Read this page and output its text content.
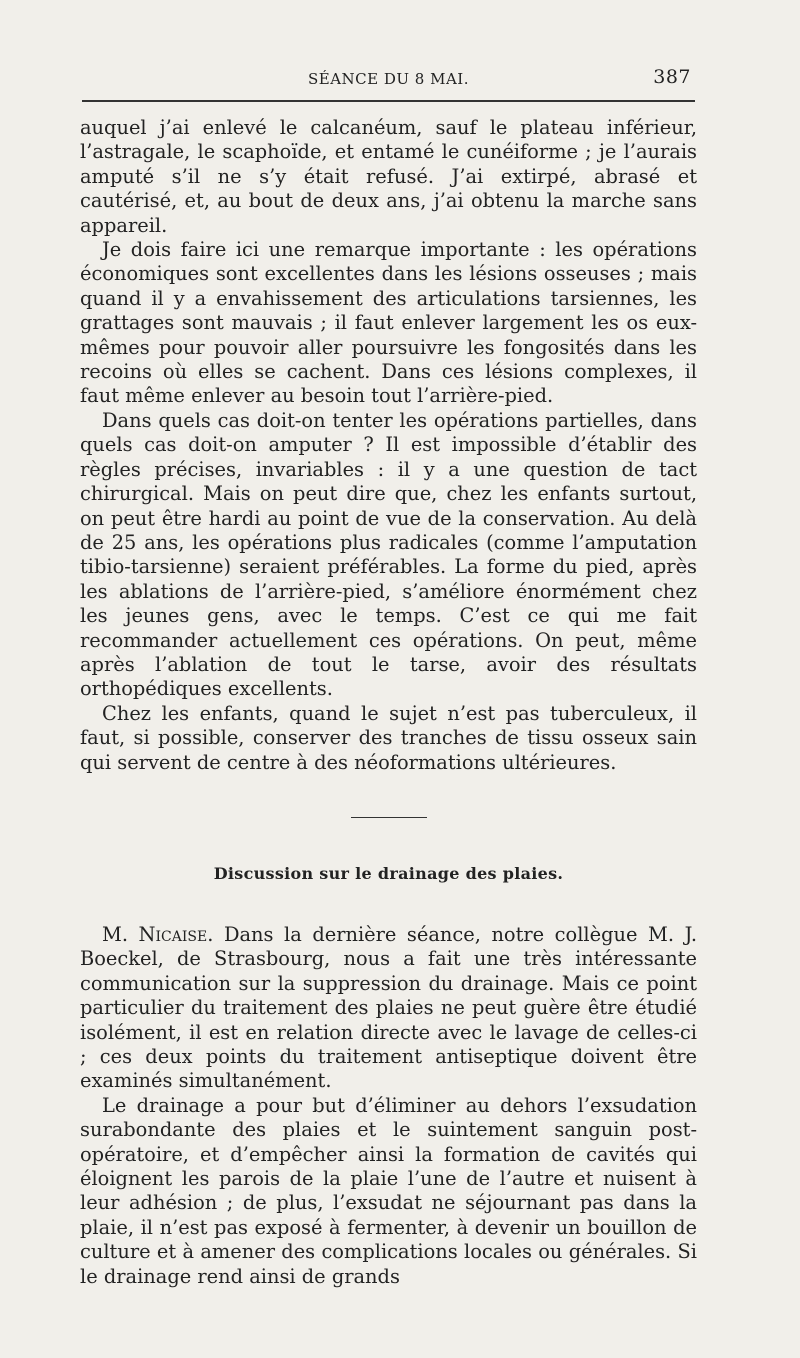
SÉANCE DU 8 MAI.	387

auquel j’ai enlevé le calcanéum, sauf le plateau inférieur, l’astragale, le scaphoïde, et entamé le cunéiforme ; je l’aurais amputé s’il ne s’y était refusé. J’ai extirpé, abrasé et cautérisé, et, au bout de deux ans, j’ai obtenu la marche sans appareil.

Je dois faire ici une remarque importante : les opérations économiques sont excellentes dans les lésions osseuses ; mais quand il y a envahissement des articulations tarsiennes, les grattages sont mauvais ; il faut enlever largement les os eux-mêmes pour pouvoir aller poursuivre les fongosités dans les recoins où elles se cachent. Dans ces lésions complexes, il faut même enlever au besoin tout l’arrière-pied.

Dans quels cas doit-on tenter les opérations partielles, dans quels cas doit-on amputer ? Il est impossible d’établir des règles précises, invariables : il y a une question de tact chirurgical. Mais on peut dire que, chez les enfants surtout, on peut être hardi au point de vue de la conservation. Au delà de 25 ans, les opérations plus radicales (comme l’amputation tibio-tarsienne) seraient préférables. La forme du pied, après les ablations de l’arrière-pied, s’améliore énormément chez les jeunes gens, avec le temps. C’est ce qui me fait recommander actuellement ces opérations. On peut, même après l’ablation de tout le tarse, avoir des résultats orthopédiques excellents.

Chez les enfants, quand le sujet n’est pas tuberculeux, il faut, si possible, conserver des tranches de tissu osseux sain qui servent de centre à des néoformations ultérieures.

Discussion sur le drainage des plaies.

M. Nicaise. Dans la dernière séance, notre collègue M. J. Boeckel, de Strasbourg, nous a fait une très intéressante communication sur la suppression du drainage. Mais ce point particulier du traitement des plaies ne peut guère être étudié isolément, il est en relation directe avec le lavage de celles-ci ; ces deux points du traitement antiseptique doivent être examinés simultanément.

Le drainage a pour but d’éliminer au dehors l’exsudation surabondante des plaies et le suintement sanguin post-opératoire, et d’empêcher ainsi la formation de cavités qui éloignent les parois de la plaie l’une de l’autre et nuisent à leur adhésion ; de plus, l’exsudat ne séjournant pas dans la plaie, il n’est pas exposé à fermenter, à devenir un bouillon de culture et à amener des complications locales ou générales. Si le drainage rend ainsi de grands
